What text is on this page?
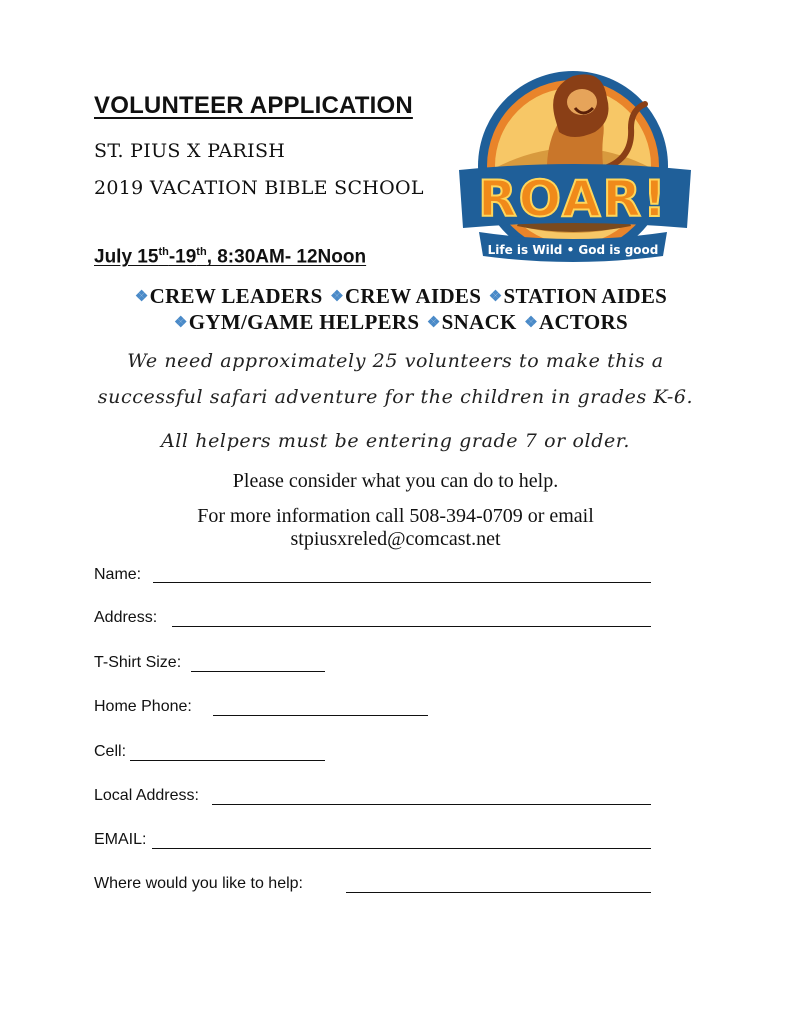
VOLUNTEER APPLICATION
ST. PIUS X PARISH
2019 VACATION BIBLE SCHOOL
July 15th-19th, 8:30AM- 12Noon
ROAR!
Life is Wild • God is good
❖CREW LEADERS ❖CREW AIDES ❖STATION AIDES
❖GYM/GAME HELPERS ❖SNACK ❖ACTORS
We need approximately 25 volunteers to make this a
successful safari adventure for the children in grades K-6.
All helpers must be entering grade 7 or older.
Please consider what you can do to help.
For more information call 508-394-0709 or email
stpiusxreled@comcast.net
Name:
Address:
T-Shirt Size:
Home Phone:
Cell:
Local Address:
EMAIL:
Where would you like to help:
